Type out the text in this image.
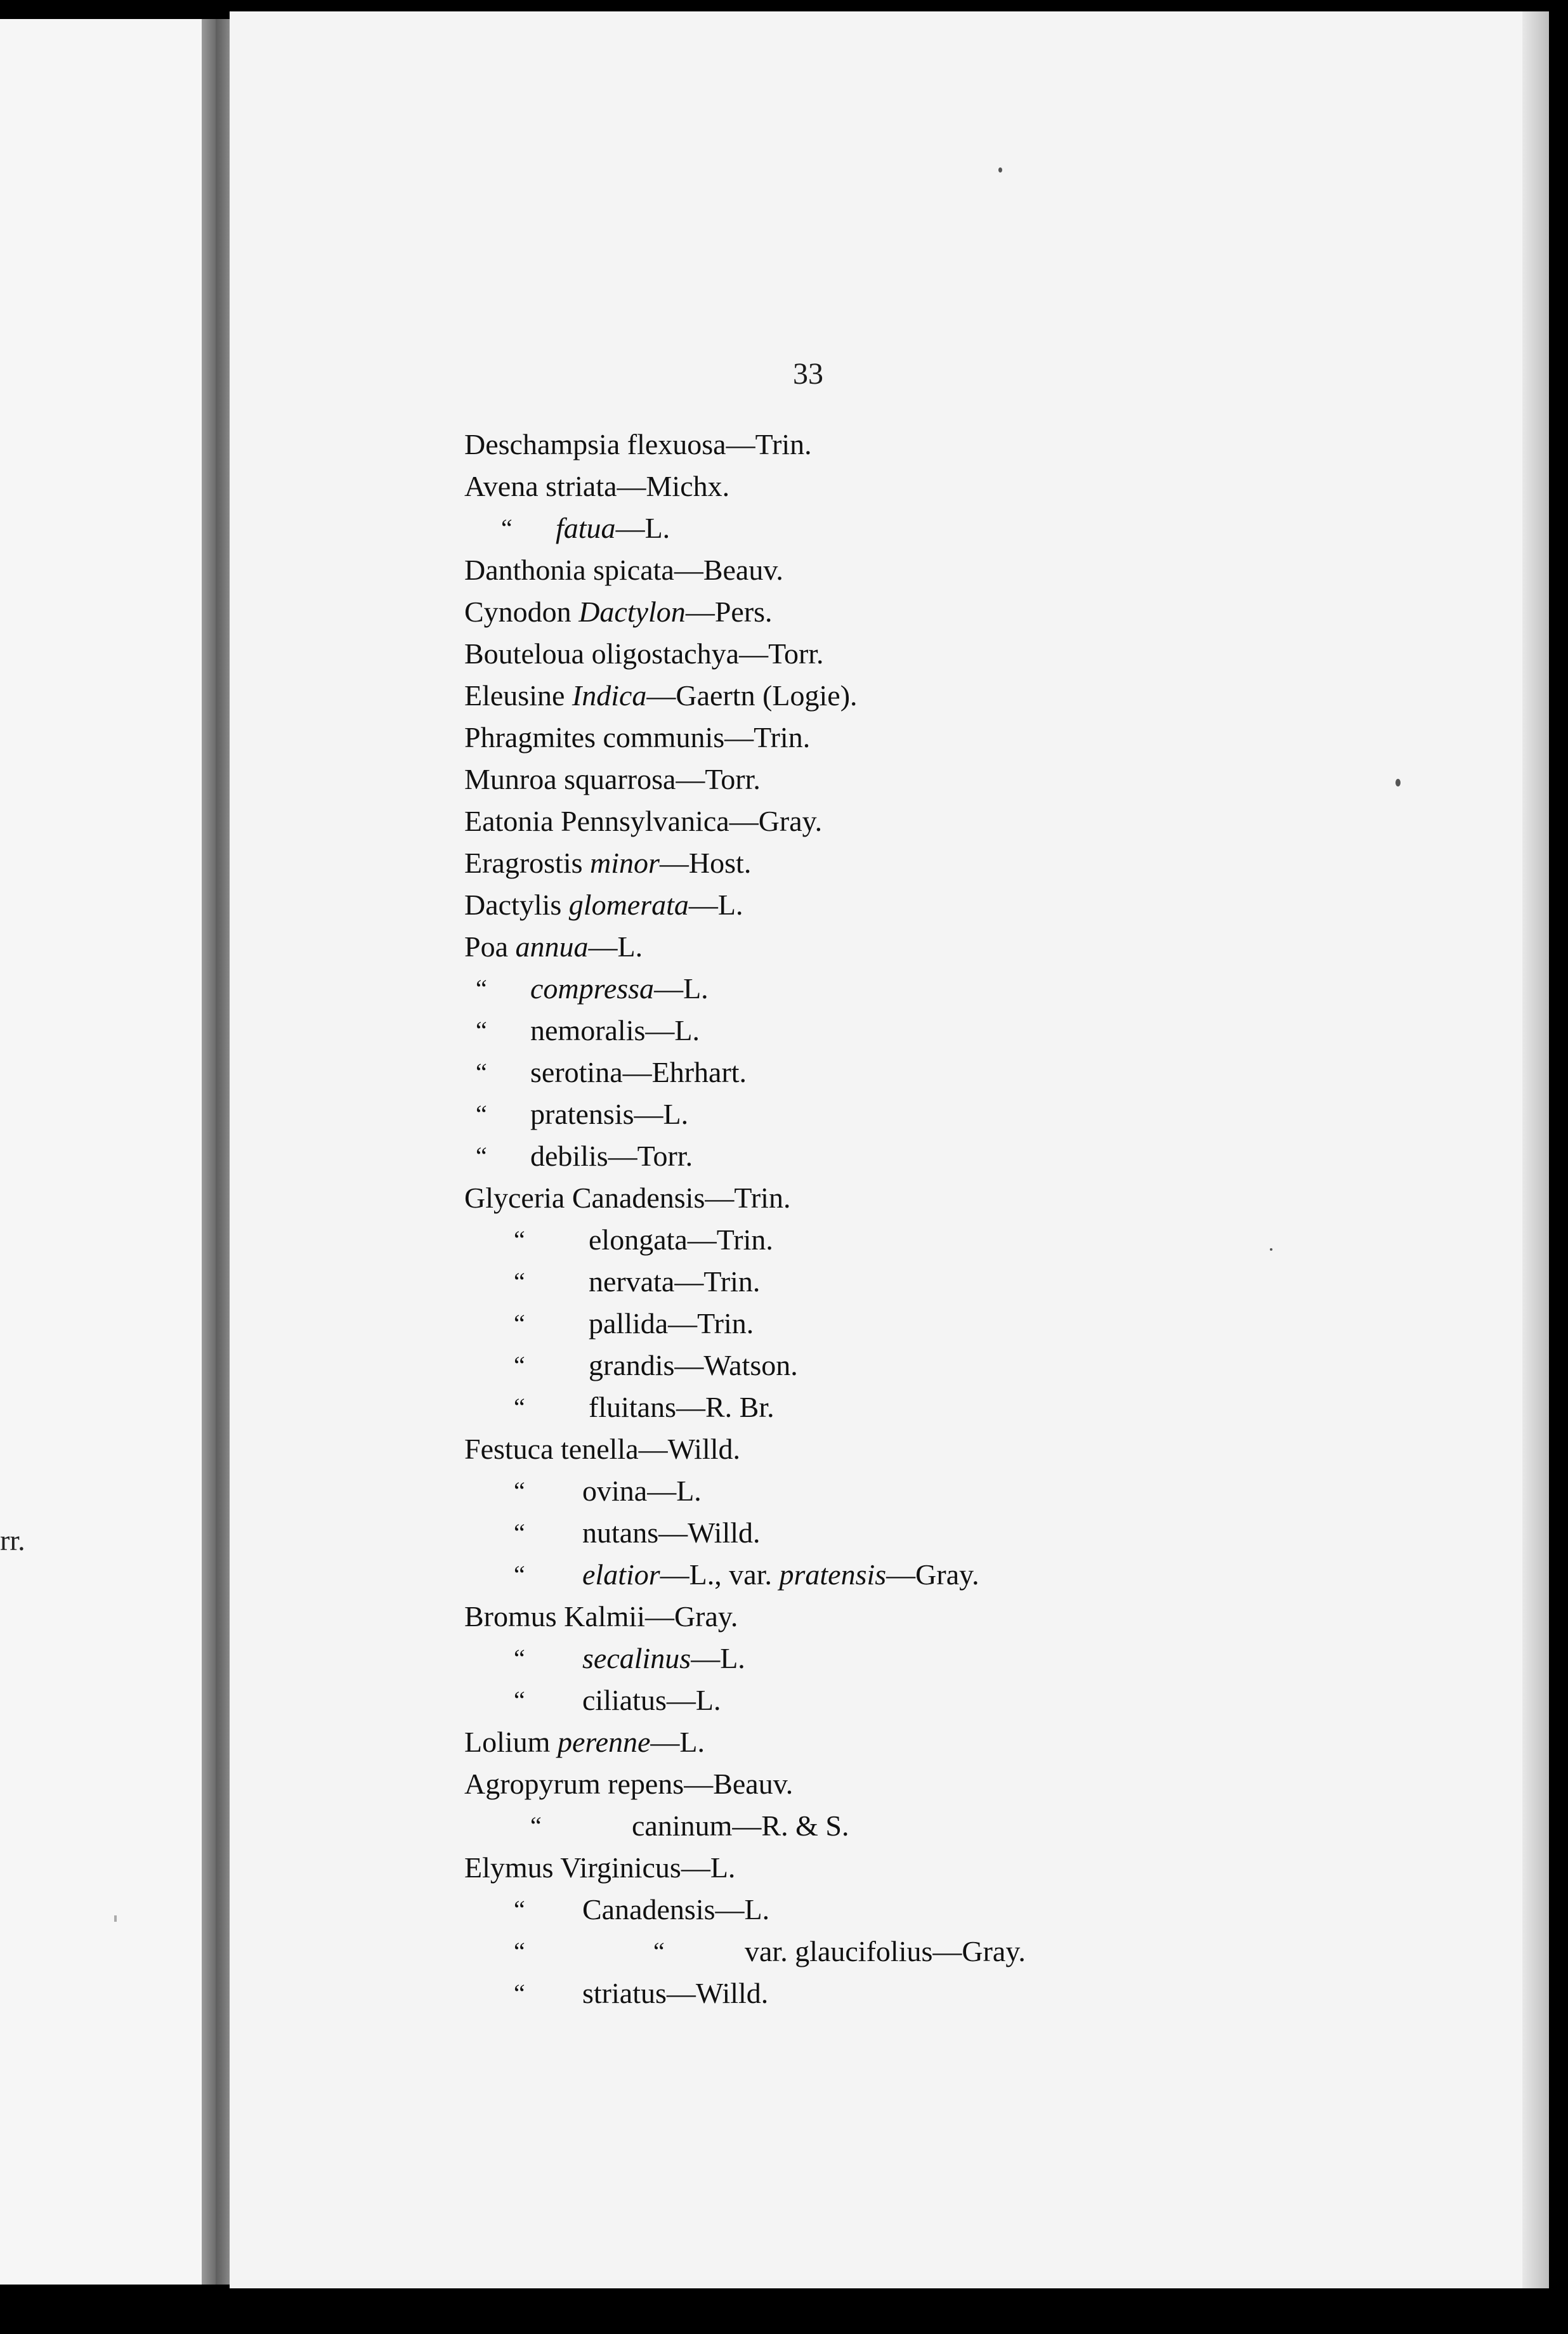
rr.
33
Deschampsia flexuosa—Trin.
Avena striata—Michx.
“ fatua—L.
Danthonia spicata—Beauv.
Cynodon Dactylon—Pers.
Bouteloua oligostachya—Torr.
Eleusine Indica—Gaertn (Logie).
Phragmites communis—Trin.
Munroa squarrosa—Torr.
Eatonia Pennsylvanica—Gray.
Eragrostis minor—Host.
Dactylis glomerata—L.
Poa annua—L.
“ compressa—L.
“ nemoralis—L.
“ serotina—Ehrhart.
“ pratensis—L.
“ debilis—Torr.
Glyceria Canadensis—Trin.
“ elongata—Trin.
“ nervata—Trin.
“ pallida—Trin.
“ grandis—Watson.
“ fluitans—R. Br.
Festuca tenella—Willd.
“ ovina—L.
“ nutans—Willd.
“ elatior—L., var. pratensis—Gray.
Bromus Kalmii—Gray.
“ secalinus—L.
“ ciliatus—L.
Lolium perenne—L.
Agropyrum repens—Beauv.
“	caninum—R. & S.
Elymus Virginicus—L.
“ Canadensis—L.
“	“	var. glaucifolius—Gray.
“ striatus—Willd.
